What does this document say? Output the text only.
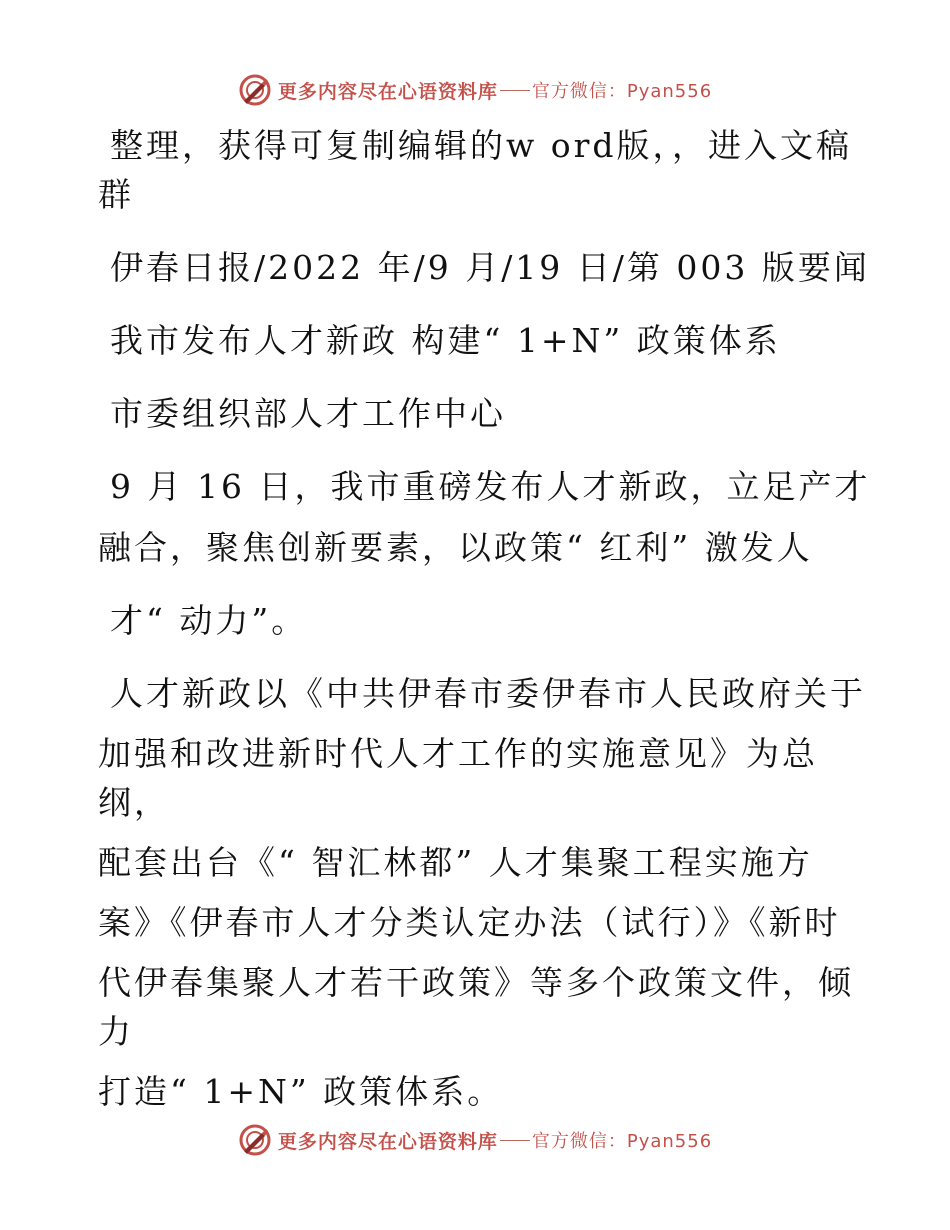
更多内容尽在心语资料库 官方微信：Pyan556

整理，获得可复制编辑的w ord版，，进入文稿

群

伊春日报/2022 年/9 月/19 日/第 003 版要闻

我市发布人才新政 构建“ 1+N” 政策体系

市委组织部人才工作中心

9 月 16 日，我市重磅发布人才新政，立足产才

融合，聚焦创新要素，以政策“ 红利” 激发人

才“ 动力”。

人才新政以《中共伊春市委伊春市人民政府关于

加强和改进新时代人才工作的实施意见》为总纲，

配套出台《“ 智汇林都” 人才集聚工程实施方

案》《伊春市人才分类认定办法（试行）》《新时

代伊春集聚人才若干政策》等多个政策文件，倾力

打造“ 1+N” 政策体系。

更多内容尽在心语资料库 官方微信：Pyan556
